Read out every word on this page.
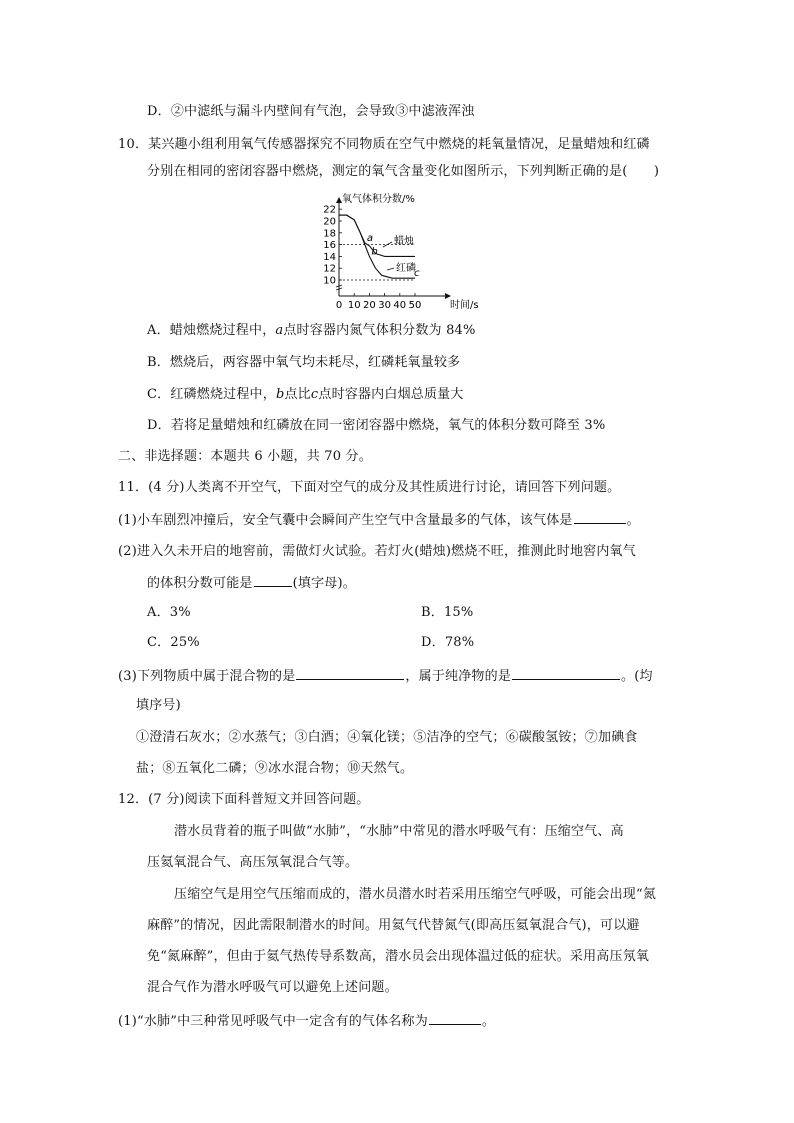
D．②中滤纸与漏斗内壁间有气泡，会导致③中滤液浑浊
10．某兴趣小组利用氧气传感器探究不同物质在空气中燃烧的耗氧量情况，足量蜡烛和红磷
分别在相同的密闭容器中燃烧，测定的氧气含量变化如图所示，下列判断正确的是(　　)
氧气体积分数/%
22
20
18
16
14
12
10
0 10 20 30 40 50
a
b
c
时间/s
蜡烛
红磷
A．蜡烛燃烧过程中，a点时容器内氮气体积分数为 84%
B．燃烧后，两容器中氧气均未耗尽，红磷耗氧量较多
C．红磷燃烧过程中，b点比c点时容器内白烟总质量大
D．若将足量蜡烛和红磷放在同一密闭容器中燃烧，氧气的体积分数可降至 3%
二、非选择题：本题共 6 小题，共 70 分。
11．(4 分)人类离不开空气，下面对空气的成分及其性质进行讨论，请回答下列问题。
(1)小车剧烈冲撞后，安全气囊中会瞬间产生空气中含量最多的气体，该气体是	。
(2)进入久未开启的地窖前，需做灯火试验。若灯火(蜡烛)燃烧不旺，推测此时地窖内氧气
的体积分数可能是	(填字母)。
A．3%	B．15%
C．25%	D．78%
(3)下列物质中属于混合物的是	，属于纯净物的是	。(均
填序号)
①澄清石灰水；②水蒸气；③白酒；④氧化镁；⑤洁净的空气；⑥碳酸氢铵；⑦加碘食
盐；⑧五氧化二磷；⑨冰水混合物；⑩天然气。
12．(7 分)阅读下面科普短文并回答问题。
潜水员背着的瓶子叫做“水肺”，“水肺”中常见的潜水呼吸气有：压缩空气、高
压氦氧混合气、高压氖氧混合气等。
压缩空气是用空气压缩而成的，潜水员潜水时若采用压缩空气呼吸，可能会出现“氮
麻醉”的情况，因此需限制潜水的时间。用氦气代替氮气(即高压氦氧混合气)，可以避
免“氮麻醉”，但由于氦气热传导系数高，潜水员会出现体温过低的症状。采用高压氖氧
混合气作为潜水呼吸气可以避免上述问题。
(1)“水肺”中三种常见呼吸气中一定含有的气体名称为	。
